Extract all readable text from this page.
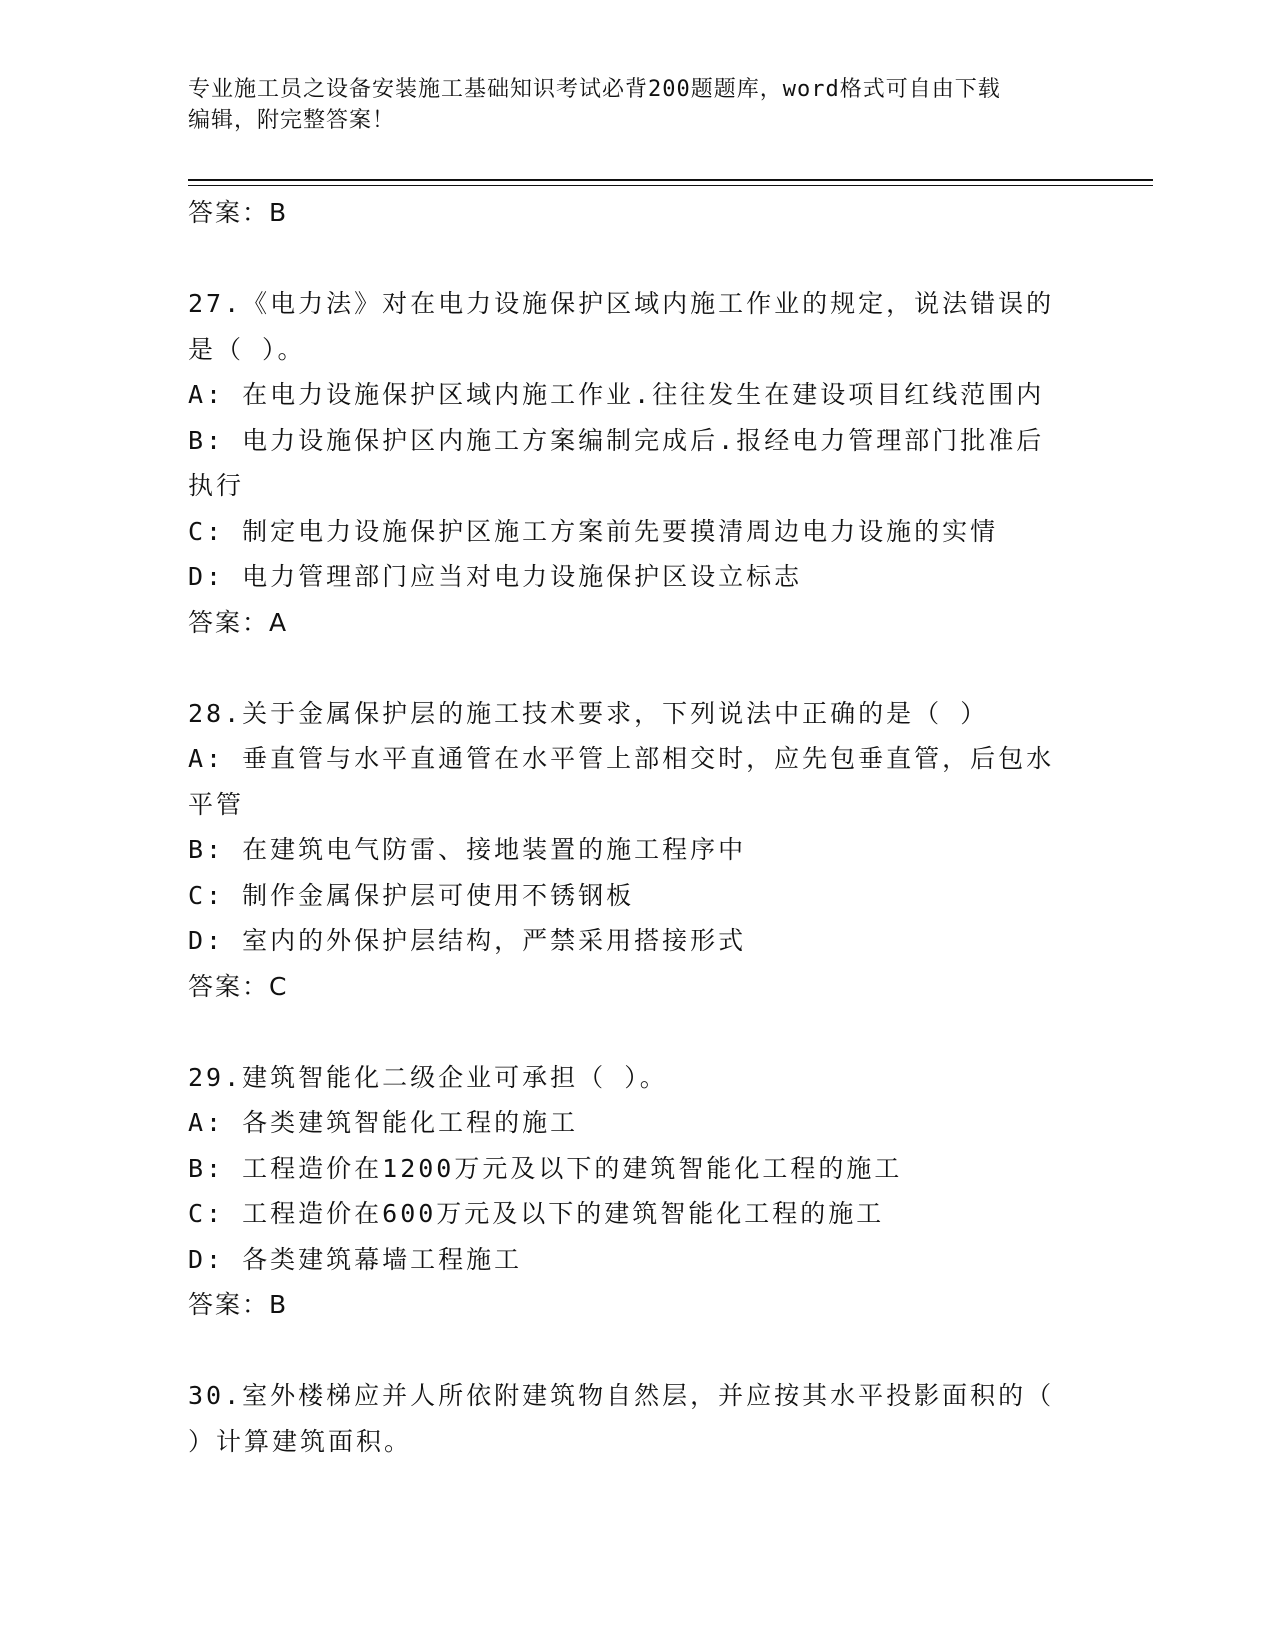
专业施工员之设备安装施工基础知识考试必背200题题库，word格式可自由下载
编辑，附完整答案！
答案：B
27.《电力法》对在电力设施保护区域内施工作业的规定，说法错误的
是（ ）。
A: 在电力设施保护区域内施工作业.往往发生在建设项目红线范围内
B: 电力设施保护区内施工方案编制完成后.报经电力管理部门批准后
执行
C: 制定电力设施保护区施工方案前先要摸清周边电力设施的实情
D: 电力管理部门应当对电力设施保护区设立标志
答案：A
28.关于金属保护层的施工技术要求，下列说法中正确的是（ ）
A: 垂直管与水平直通管在水平管上部相交时，应先包垂直管，后包水
平管
B: 在建筑电气防雷、接地装置的施工程序中
C: 制作金属保护层可使用不锈钢板
D: 室内的外保护层结构，严禁采用搭接形式
答案：C
29.建筑智能化二级企业可承担（ ）。
A: 各类建筑智能化工程的施工
B: 工程造价在1200万元及以下的建筑智能化工程的施工
C: 工程造价在600万元及以下的建筑智能化工程的施工
D: 各类建筑幕墙工程施工
答案：B
30.室外楼梯应并人所依附建筑物自然层，并应按其水平投影面积的（
）计算建筑面积。
